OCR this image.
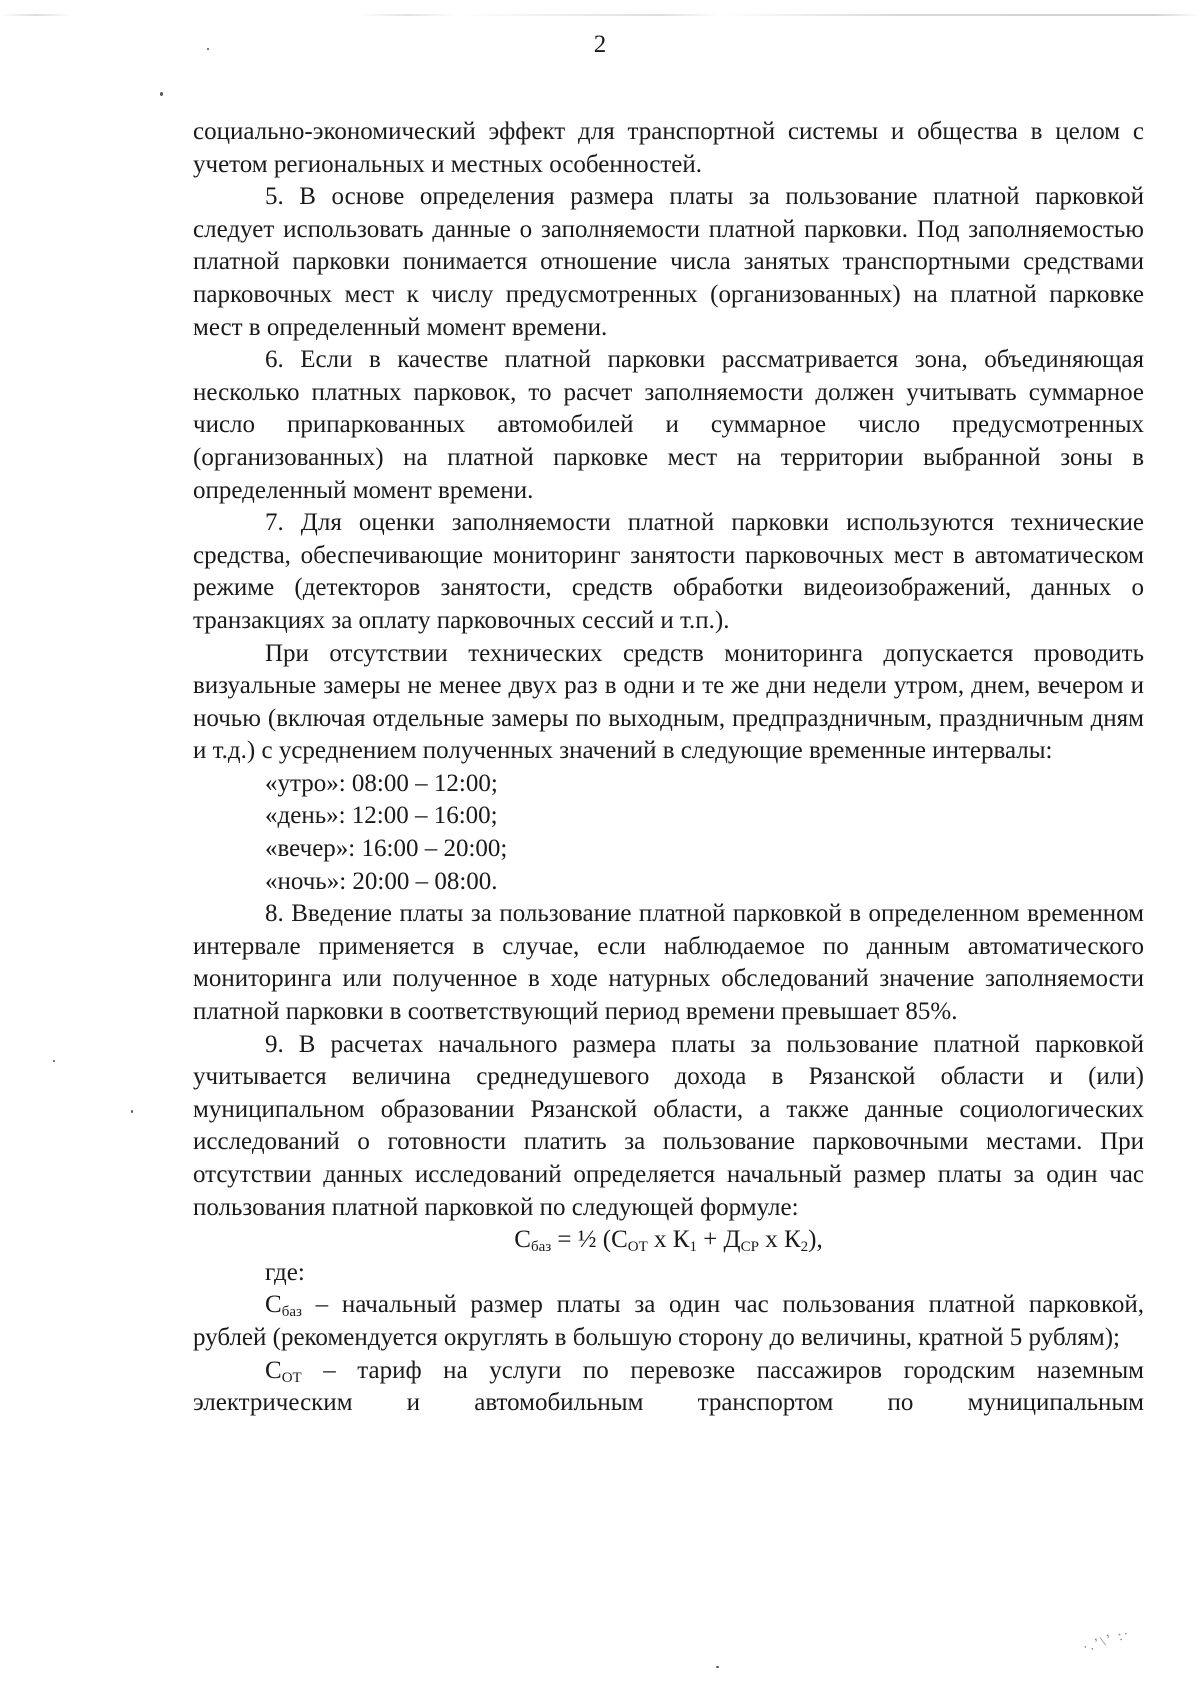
2

социально-экономический эффект для транспортной системы и общества в целом с учетом региональных и местных особенностей.

5. В основе определения размера платы за пользование платной парковкой следует использовать данные о заполняемости платной парковки. Под заполняемостью платной парковки понимается отношение числа занятых транспортными средствами парковочных мест к числу предусмотренных (организованных) на платной парковке мест в определенный момент времени.

6. Если в качестве платной парковки рассматривается зона, объединяющая несколько платных парковок, то расчет заполняемости должен учитывать суммарное число припаркованных автомобилей и суммарное число предусмотренных (организованных) на платной парковке мест на территории выбранной зоны в определенный момент времени.

7. Для оценки заполняемости платной парковки используются технические средства, обеспечивающие мониторинг занятости парковочных мест в автоматическом режиме (детекторов занятости, средств обработки видеоизображений, данных о транзакциях за оплату парковочных сессий и т.п.).

При отсутствии технических средств мониторинга допускается проводить визуальные замеры не менее двух раз в одни и те же дни недели утром, днем, вечером и ночью (включая отдельные замеры по выходным, предпраздничным, праздничным дням и т.д.) с усреднением полученных значений в следующие временные интервалы:

«утро»: 08:00 – 12:00;

«день»: 12:00 – 16:00;

«вечер»: 16:00 – 20:00;

«ночь»: 20:00 – 08:00.

8. Введение платы за пользование платной парковкой в определенном временном интервале применяется в случае, если наблюдаемое по данным автоматического мониторинга или полученное в ходе натурных обследований значение заполняемости платной парковки в соответствующий период времени превышает 85%.

9. В расчетах начального размера платы за пользование платной парковкой учитывается величина среднедушевого дохода в Рязанской области и (или) муниципальном образовании Рязанской области, а также данные социологических исследований о готовности платить за пользование парковочными местами. При отсутствии данных исследований определяется начальный размер платы за один час пользования платной парковкой по следующей формуле:

$С_{баз}$ = ½ ($С_{ОТ}$ х $К_1 + Д_{СР}$ х $К_2$),

где:

$С_{баз}$ – начальный размер платы за один час пользования платной парковкой, рублей (рекомендуется округлять в большую сторону до величины, кратной 5 рублям);

$С_{ОТ}$ – тариф на услуги по перевозке пассажиров городским наземным электрическим и автомобильным транспортом по муниципальным

·.ʼ\ʼ :·
